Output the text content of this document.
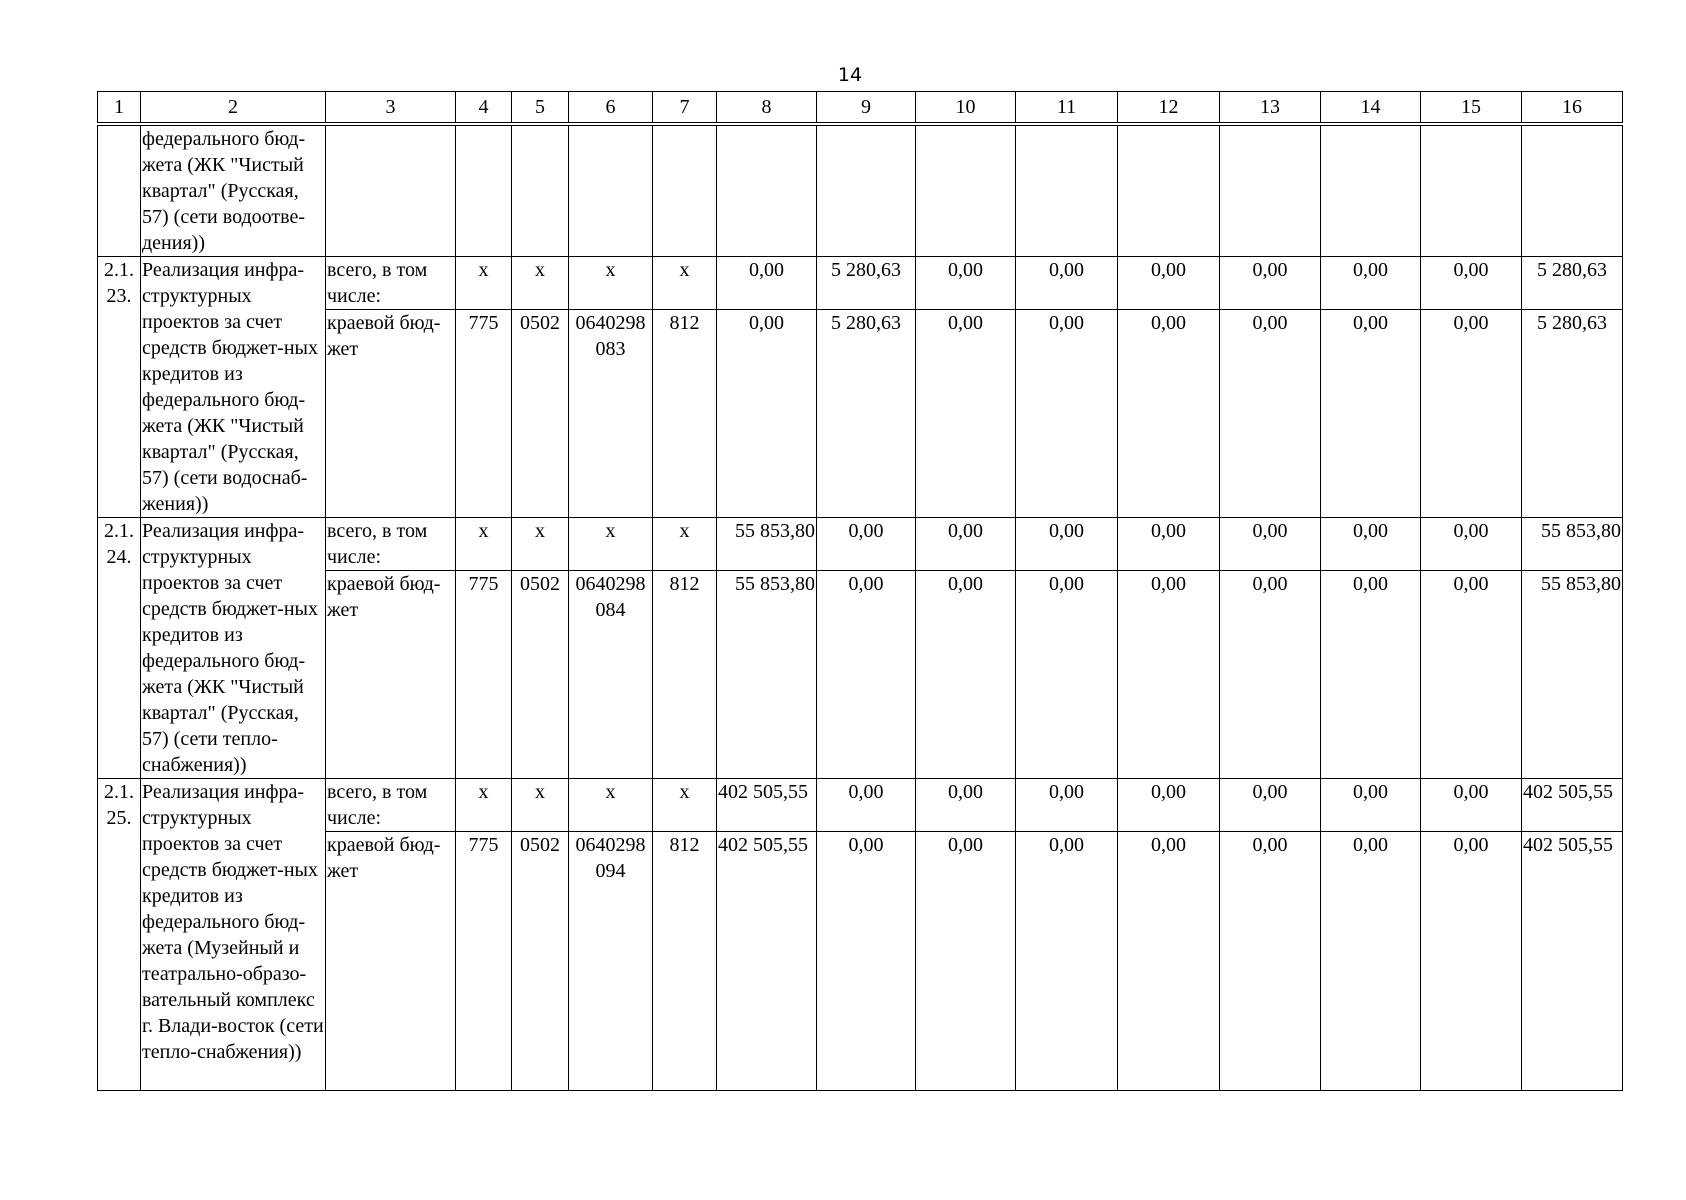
14
1	2	3	4	5	6	7	8	9	10	11	12	13	14	15	16
	федерального бюд-жета (ЖК "Чистый квартал" (Русская, 57) (сети водоотве-дения))														
2.1. 23.	Реализация инфра-структурных проектов за счет средств бюджет-ных кредитов из федерального бюд-жета (ЖК "Чистый квартал" (Русская, 57) (сети водоснаб-жения))	всего, в том числе:	x	x	x	x	0,00	5 280,63	0,00	0,00	0,00	0,00	0,00	0,00	5 280,63
		краевой бюд-жет	775	0502	0640298 083	812	0,00	5 280,63	0,00	0,00	0,00	0,00	0,00	0,00	5 280,63
2.1. 24.	Реализация инфра-структурных проектов за счет средств бюджет-ных кредитов из федерального бюд-жета (ЖК "Чистый квартал" (Русская, 57) (сети тепло-снабжения))	всего, в том числе:	x	x	x	x	55 853,80	0,00	0,00	0,00	0,00	0,00	0,00	0,00	55 853,80
		краевой бюд-жет	775	0502	0640298 084	812	55 853,80	0,00	0,00	0,00	0,00	0,00	0,00	0,00	55 853,80
2.1. 25.	Реализация инфра-структурных проектов за счет средств бюджет-ных кредитов из федерального бюд-жета (Музейный и театрально-образо-вательный комплекс г. Влади-восток (сети тепло-снабжения))	всего, в том числе:	x	x	x	x	402 505,55	0,00	0,00	0,00	0,00	0,00	0,00	0,00	402 505,55
		краевой бюд-жет	775	0502	0640298 094	812	402 505,55	0,00	0,00	0,00	0,00	0,00	0,00	0,00	402 505,55
